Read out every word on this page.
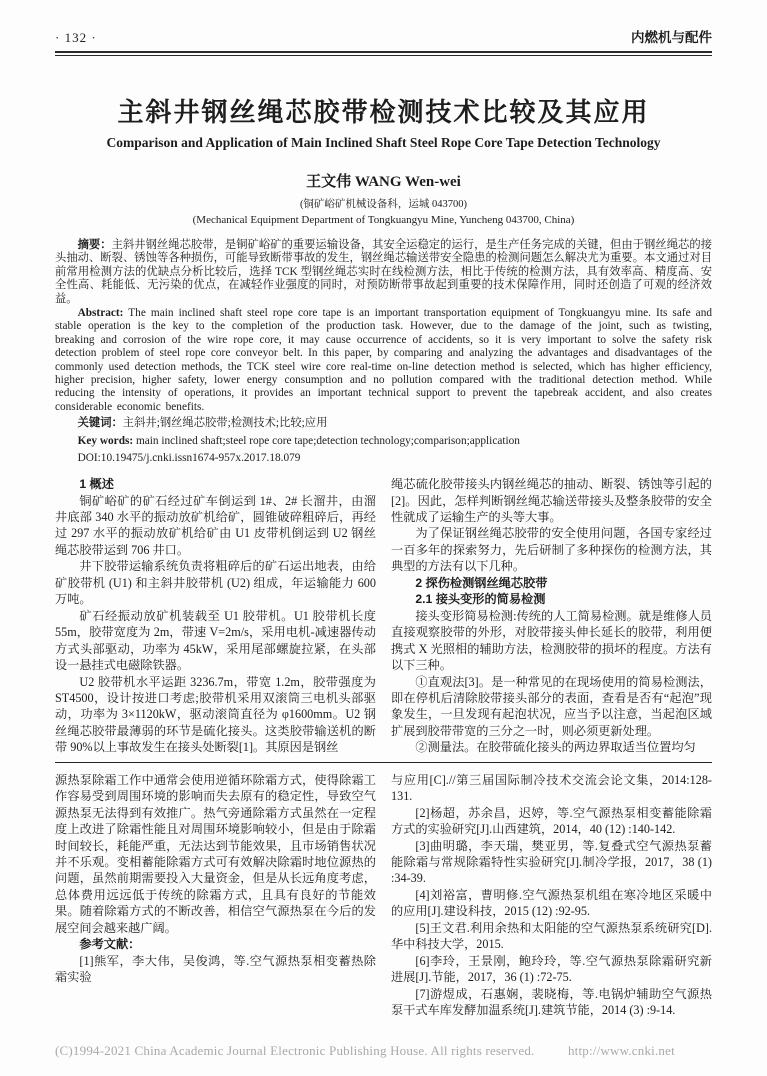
· 132 ·	内燃机与配件
主斜井钢丝绳芯胶带检测技术比较及其应用
Comparison and Application of Main Inclined Shaft Steel Rope Core Tape Detection Technology
王文伟 WANG Wen-wei
(铜矿峪矿机械设备科，运城 043700)
(Mechanical Equipment Department of Tongkuangyu Mine, Yuncheng 043700, China)

摘要：主斜井钢丝绳芯胶带，是铜矿峪矿的重要运输设备，其安全运稳定的运行，是生产任务完成的关键，但由于钢丝绳芯的接头抽动、断裂、锈蚀等各种损伤，可能导致断带事故的发生，钢丝绳芯输送带安全隐患的检测问题怎么解决尤为重要。本文通过对目前常用检测方法的优缺点分析比较后，选择 TCK 型钢丝绳芯实时在线检测方法，相比于传统的检测方法，具有效率高、精度高、安全性高、耗能低、无污染的优点，在减轻作业强度的同时，对预防断带事故起到重要的技术保障作用，同时还创造了可观的经济效益。

Abstract: The main inclined shaft steel rope core tape is an important transportation equipment of Tongkuangyu mine. Its safe and stable operation is the key to the completion of the production task. However, due to the damage of the joint, such as twisting, breaking and corrosion of the wire rope core, it may cause occurrence of accidents, so it is very important to solve the safety risk detection problem of steel rope core conveyor belt. In this paper, by comparing and analyzing the advantages and disadvantages of the commonly used detection methods, the TCK steel wire core real-time on-line detection method is selected, which has higher efficiency, higher precision, higher safety, lower energy consumption and no pollution compared with the traditional detection method. While reducing the intensity of operations, it provides an important technical support to prevent the tapebreak accident, and also creates considerable economic benefits.

关键词：主斜井;钢丝绳芯胶带;检测技术;比较;应用

Key words: main inclined shaft;steel rope core tape;detection technology;comparison;application

DOI:10.19475/j.cnki.issn1674-957x.2017.18.079

1 概述

铜矿峪矿的矿石经过矿车倒运到 1#、2# 长溜井，由溜井底部 340 水平的振动放矿机给矿，圆锥破碎粗碎后，再经过 297 水平的振动放矿机给矿由 U1 皮带机倒运到 U2 钢丝绳芯胶带运到 706 井口。

井下胶带运输系统负责将粗碎后的矿石运出地表，由给矿胶带机 (U1) 和主斜井胶带机 (U2) 组成，年运输能力 600 万吨。

矿石经振动放矿机装载至 U1 胶带机。U1 胶带机长度 55m，胶带宽度为 2m，带速 V=2m/s，采用电机-减速器传动方式头部驱动，功率为 45kW，采用尾部螺旋拉紧，在头部设一悬挂式电磁除铁器。

U2 胶带机水平运距 3236.7m，带宽 1.2m，胶带强度为 ST4500，设计按进口考虑;胶带机采用双滚筒三电机头部驱动，功率为 3×1120kW，驱动滚筒直径为 φ1600mm。U2 钢丝绳芯胶带最薄弱的环节是硫化接头。这类胶带输送机的断带 90%以上事故发生在接头处断裂[1]。其原因是钢丝

绳芯硫化胶带接头内钢丝绳芯的抽动、断裂、锈蚀等引起的[2]。因此，怎样判断钢丝绳芯输送带接头及整条胶带的安全性就成了运输生产的头等大事。

为了保证钢丝绳芯胶带的安全使用问题，各国专家经过一百多年的探索努力，先后研制了多种探伤的检测方法，其典型的方法有以下几种。

2 探伤检测钢丝绳芯胶带

2.1 接头变形的简易检测

接头变形简易检测:传统的人工简易检测。就是维修人员直接观察胶带的外形，对胶带接头伸长延长的胶带，利用便携式 X 光照相的辅助方法，检测胶带的损坏的程度。方法有以下三种。

①直观法[3]。是一种常见的在现场使用的简易检测法，即在停机后清除胶带接头部分的表面，查看是否有“起泡”现象发生，一旦发现有起泡状况，应当予以注意，当起泡区域扩展到胶带带宽的三分之一时，则必须更新处理。

②测量法。在胶带硫化接头的两边界取适当位置均匀

源热泵除霜工作中通常会使用逆循环除霜方式，使得除霜工作容易受到周围环境的影响而失去原有的稳定性，导致空气源热泵无法得到有效推广。热气旁通除霜方式虽然在一定程度上改进了除霜性能且对周围环境影响较小，但是由于除霜时间较长，耗能严重，无法达到节能效果，且市场销售状况并不乐观。变相蓄能除霜方式可有效解决除霜时地位源热的问题，虽然前期需要投入大量资金，但是从长远角度考虑，总体费用远远低于传统的除霜方式，且具有良好的节能效果。随着除霜方式的不断改善，相信空气源热泵在今后的发展空间会越来越广阔。

参考文献：

[1]熊军，李大伟，吴俊鸿，等.空气源热泵相变蓄热除霜实验

与应用[C].//第三届国际制冷技术交流会论文集，2014:128-131.

[2]杨超，苏余昌，迟婷，等.空气源热泵相变蓄能除霜方式的实验研究[J].山西建筑，2014，40 (12) :140-142.

[3]曲明璐，李天瑞，樊亚男，等.复叠式空气源热泵蓄能除霜与常规除霜特性实验研究[J].制冷学报，2017，38 (1) :34-39.

[4]刘裕富，曹明修.空气源热泵机组在寒冷地区采暖中的应用[J].建设科技，2015 (12) :92-95.

[5]王文君.利用余热和太阳能的空气源热泵系统研究[D].华中科技大学，2015.

[6]李玲，王景刚，鲍玲玲，等.空气源热泵除霜研究新进展[J].节能，2017，36 (1) :72-75.

[7]游煜成，石惠娴，裴晓梅，等.电锅炉辅助空气源热泵干式车库发酵加温系统[J].建筑节能，2014 (3) :9-14.

(C)1994-2021 China Academic Journal Electronic Publishing House. All rights reserved.	http://www.cnki.net
